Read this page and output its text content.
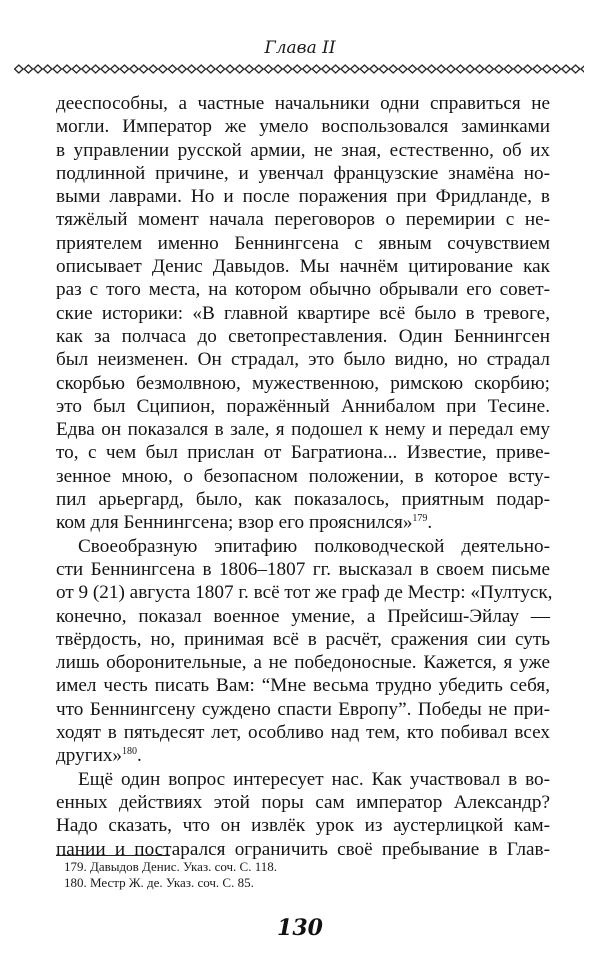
Глава II

дееспособны, а частные начальники одни справиться не
могли. Император же умело воспользовался заминками
в управлении русской армии, не зная, естественно, об их
подлинной причине, и увенчал французские знамёна но-
выми лаврами. Но и после поражения при Фридланде, в
тяжёлый момент начала переговоров о перемирии с не-
приятелем именно Беннингсена с явным сочувствием
описывает Денис Давыдов. Мы начнём цитирование как
раз с того места, на котором обычно обрывали его совет-
ские историки: «В главной квартире всё было в тревоге,
как за полчаса до светопреставления. Один Беннингсен
был неизменен. Он страдал, это было видно, но страдал
скорбью безмолвною, мужественною, римскою скорбию;
это был Сципион, поражённый Аннибалом при Тесине.
Едва он показался в зале, я подошел к нему и передал ему
то, с чем был прислан от Багратиона... Известие, приве-
зенное мною, о безопасном положении, в которое всту-
пил арьергард, было, как показалось, приятным подар-
ком для Беннингсена; взор его прояснился»$^{179}$.

Своеобразную эпитафию полководческой деятельно-
сти Беннингсена в 1806–1807 гг. высказал в своем письме
от 9 (21) августа 1807 г. всё тот же граф де Местр: «Пултуск,
конечно, показал военное умение, а Прейсиш-Эйлау —
твёрдость, но, принимая всё в расчёт, сражения сии суть
лишь оборонительные, а не победоносные. Кажется, я уже
имел честь писать Вам: “Мне весьма трудно убедить себя,
что Беннингсену суждено спасти Европу”. Победы не при-
ходят в пятьдесят лет, особливо над тем, кто побивал всех
других»$^{180}$.

Ещё один вопрос интересует нас. Как участвовал в во-
енных действиях этой поры сам император Александр?
Надо сказать, что он извлёк урок из аустерлицкой кам-
пании и постарался ограничить своё пребывание в Глав-

179. Давыдов Денис. Указ. соч. С. 118.
180. Местр Ж. де. Указ. соч. С. 85.
130
